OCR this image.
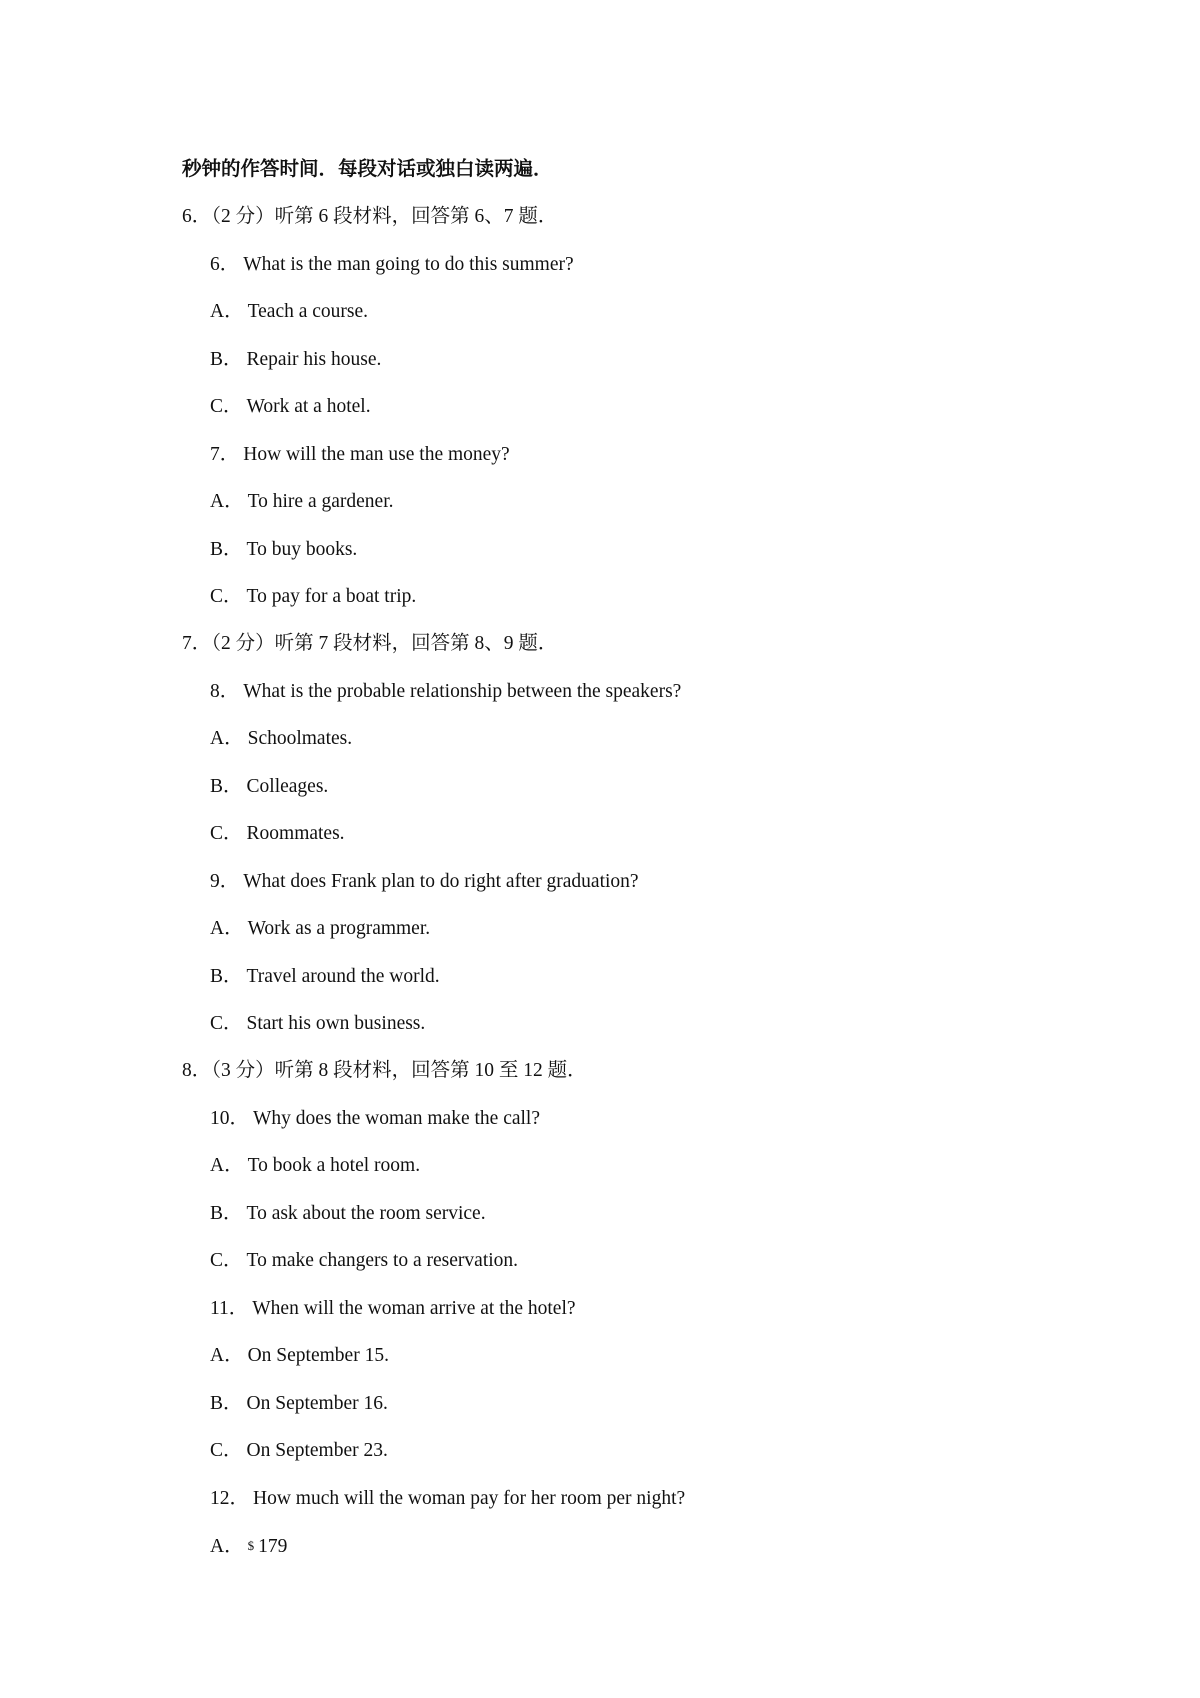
秒钟的作答时间．每段对话或独白读两遍．
6．（2 分）听第 6 段材料，回答第 6、7 题．
6． What is the man going to do this summer?
A． Teach a course.
B． Repair his house.
C． Work at a hotel.
7． How will the man use the money?
A． To hire a gardener.
B． To buy books.
C． To pay for a boat trip.
7．（2 分）听第 7 段材料，回答第 8、9 题．
8． What is the probable relationship between the speakers?
A． Schoolmates.
B． Colleages.
C． Roommates.
9． What does Frank plan to do right after graduation?
A． Work as a programmer.
B． Travel around the world.
C． Start his own business.
8．（3 分）听第 8 段材料，回答第 10 至 12 题．
10． Why does the woman make the call?
A． To book a hotel room.
B． To ask about the room service.
C． To make changers to a reservation.
11． When will the woman arrive at the hotel?
A． On September 15.
B． On September 16.
C． On September 23.
12． How much will the woman pay for her room per night?
A． $ 179
